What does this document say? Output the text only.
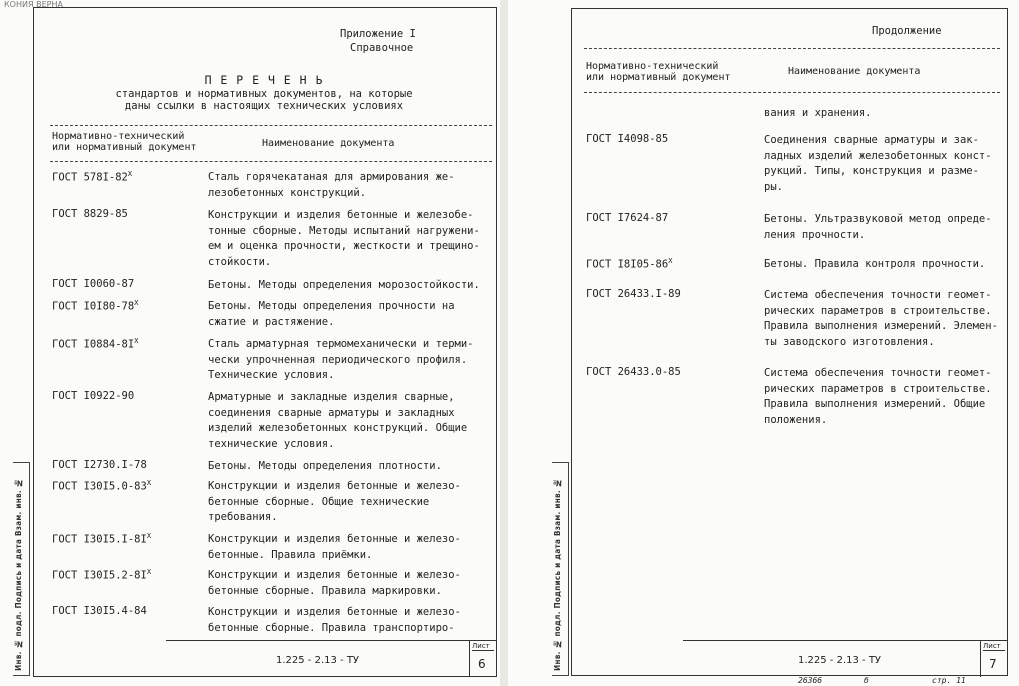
КОНИЯ ВЕРНА
Инв. № подл. Подпись и дата Взам. инв. №
Приложение I
Справочное
П Е Р Е Ч Е Н Ь
стандартов и нормативных документов, на которые
даны ссылки в настоящих технических условиях
Нормативно-технический
или нормативный документ	Наименование документа
ГОСТ $578I-82^Х$	Сталь горячекатаная для армирования же-
лезобетонных конструкций.
ГОСТ 8829-85	Конструкции и изделия бетонные и железобе-
тонные сборные. Методы испытаний нагружени-
ем и оценка прочности, жесткости и трещино-
стойкости.
ГОСТ I0060-87	Бетоны. Методы определения морозостойкости.
ГОСТ $I0I80-78^Х$	Бетоны. Методы определения прочности на
сжатие и растяжение.
ГОСТ $I0884-8I^Х$	Сталь арматурная термомеханически и терми-
чески упрочненная периодического профиля.
Технические условия.
ГОСТ I0922-90	Арматурные и закладные изделия сварные,
соединения сварные арматуры и закладных
изделий железобетонных конструкций. Общие
технические условия.
ГОСТ I2730.I-78	Бетоны. Методы определения плотности.
ГОСТ $I30I5.0-83^Х$	Конструкции и изделия бетонные и железо-
бетонные сборные. Общие технические
требования.
ГОСТ $I30I5.I-8I^Х$	Конструкции и изделия бетонные и железо-
бетонные. Правила приёмки.
ГОСТ $I30I5.2-8I^Х$	Конструкции и изделия бетонные и железо-
бетонные сборные. Правила маркировки.
ГОСТ I30I5.4-84	Конструкции и изделия бетонные и железо-
бетонные сборные. Правила транспортиро-
1.225 - 2.13 - ТУ
Лист
6	Инв. № подл. Подпись и дата Взам. инв. №
Продолжение
Нормативно-технический
или нормативный документ
Наименование документа
вания и хранения.
ГОСТ I4098-85	Соединения сварные арматуры и зак-
ладных изделий железобетонных конст-
рукций. Типы, конструкция и разме-
ры.
ГОСТ I7624-87	Бетоны. Ультразвуковой метод опреде-
ления прочности.
ГОСТ $I8I05-86^Х$	Бетоны. Правила контроля прочности.
ГОСТ 26433.I-89	Система обеспечения точности геомет-
рических параметров в строительстве.
Правила выполнения измерений. Элемен-
ты заводского изготовления.
ГОСТ 26433.0-85	Система обеспечения точности геомет-
рических параметров в строительстве.
Правила выполнения измерений. Общие
положения.
1.225 - 2.13 - ТУ
Лист
7
26366	б	стр. 11
